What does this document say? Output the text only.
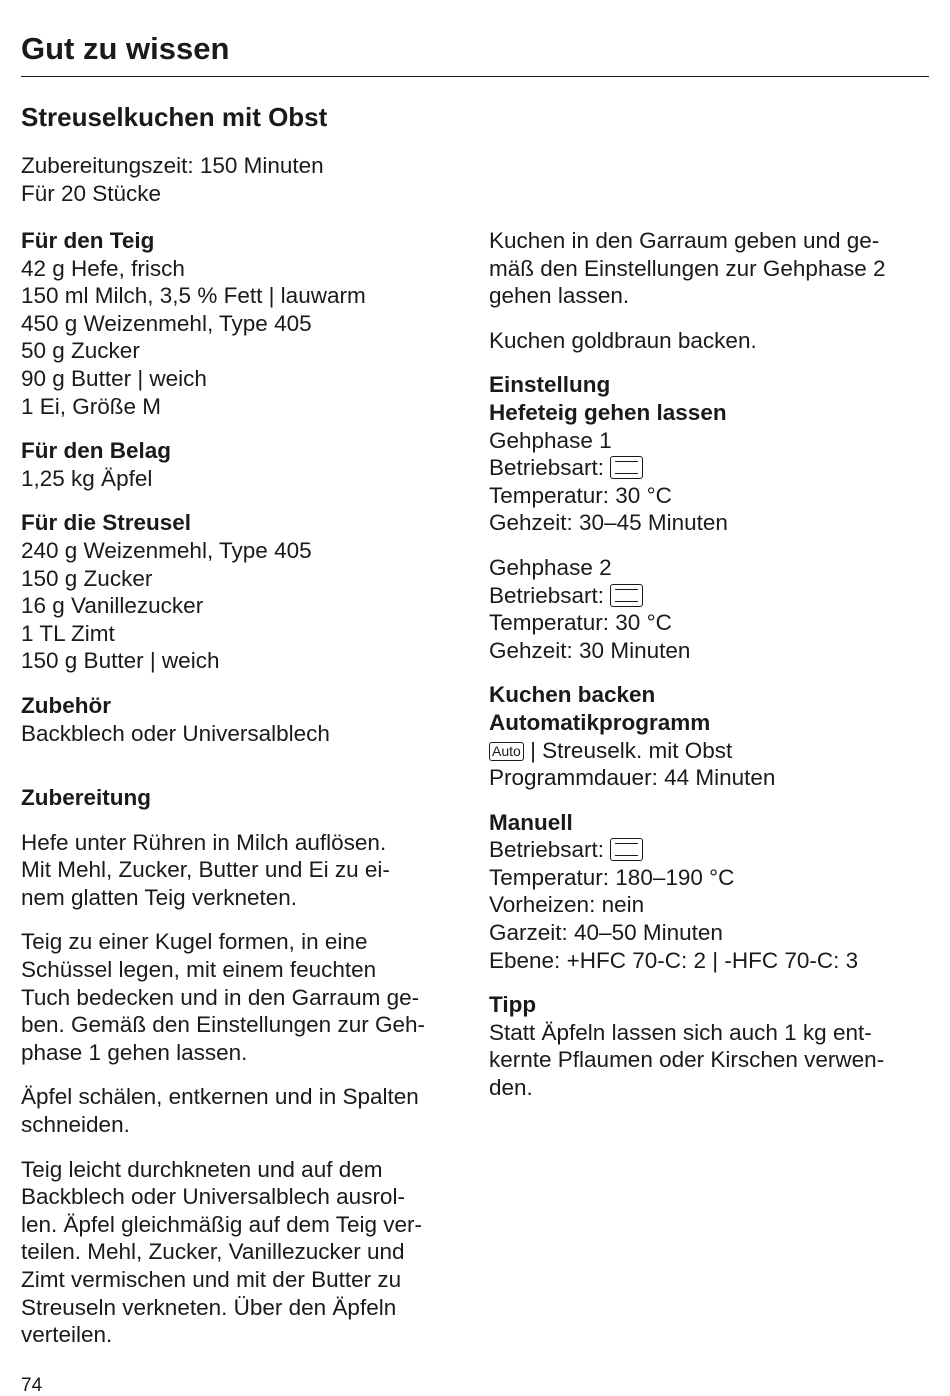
Gut zu wissen
Streuselkuchen mit Obst
Zubereitungszeit: 150 Minuten
Für 20 Stücke
Für den Teig
42 g Hefe, frisch
150 ml Milch, 3,5 % Fett | lauwarm
450 g Weizenmehl, Type 405
50 g Zucker
90 g Butter | weich
1 Ei, Größe M
Für den Belag
1,25 kg Äpfel
Für die Streusel
240 g Weizenmehl, Type 405
150 g Zucker
16 g Vanillezucker
1 TL Zimt
150 g Butter | weich
Zubehör
Backblech oder Universalblech
Zubereitung
Hefe unter Rühren in Milch auflösen.
Mit Mehl, Zucker, Butter und Ei zu ei-
nem glatten Teig verkneten.
Teig zu einer Kugel formen, in eine
Schüssel legen, mit einem feuchten
Tuch bedecken und in den Garraum ge-
ben. Gemäß den Einstellungen zur Geh-
phase 1 gehen lassen.
Äpfel schälen, entkernen und in Spalten
schneiden.
Teig leicht durchkneten und auf dem
Backblech oder Universalblech ausrol-
len. Äpfel gleichmäßig auf dem Teig ver-
teilen. Mehl, Zucker, Vanillezucker und
Zimt vermischen und mit der Butter zu
Streuseln verkneten. Über den Äpfeln
verteilen.
Kuchen in den Garraum geben und ge-
mäß den Einstellungen zur Gehphase 2
gehen lassen.
Kuchen goldbraun backen.
Einstellung
Hefeteig gehen lassen
Gehphase 1
Betriebsart:
Temperatur: 30 °C
Gehzeit: 30–45 Minuten
Gehphase 2
Betriebsart:
Temperatur: 30 °C
Gehzeit: 30 Minuten
Kuchen backen
Automatikprogramm
Auto | Streuselk. mit Obst
Programmdauer: 44 Minuten
Manuell
Betriebsart:
Temperatur: 180–190 °C
Vorheizen: nein
Garzeit: 40–50 Minuten
Ebene: +HFC 70-C: 2 | -HFC 70-C: 3
Tipp
Statt Äpfeln lassen sich auch 1 kg ent-
kernte Pflaumen oder Kirschen verwen-
den.
74
